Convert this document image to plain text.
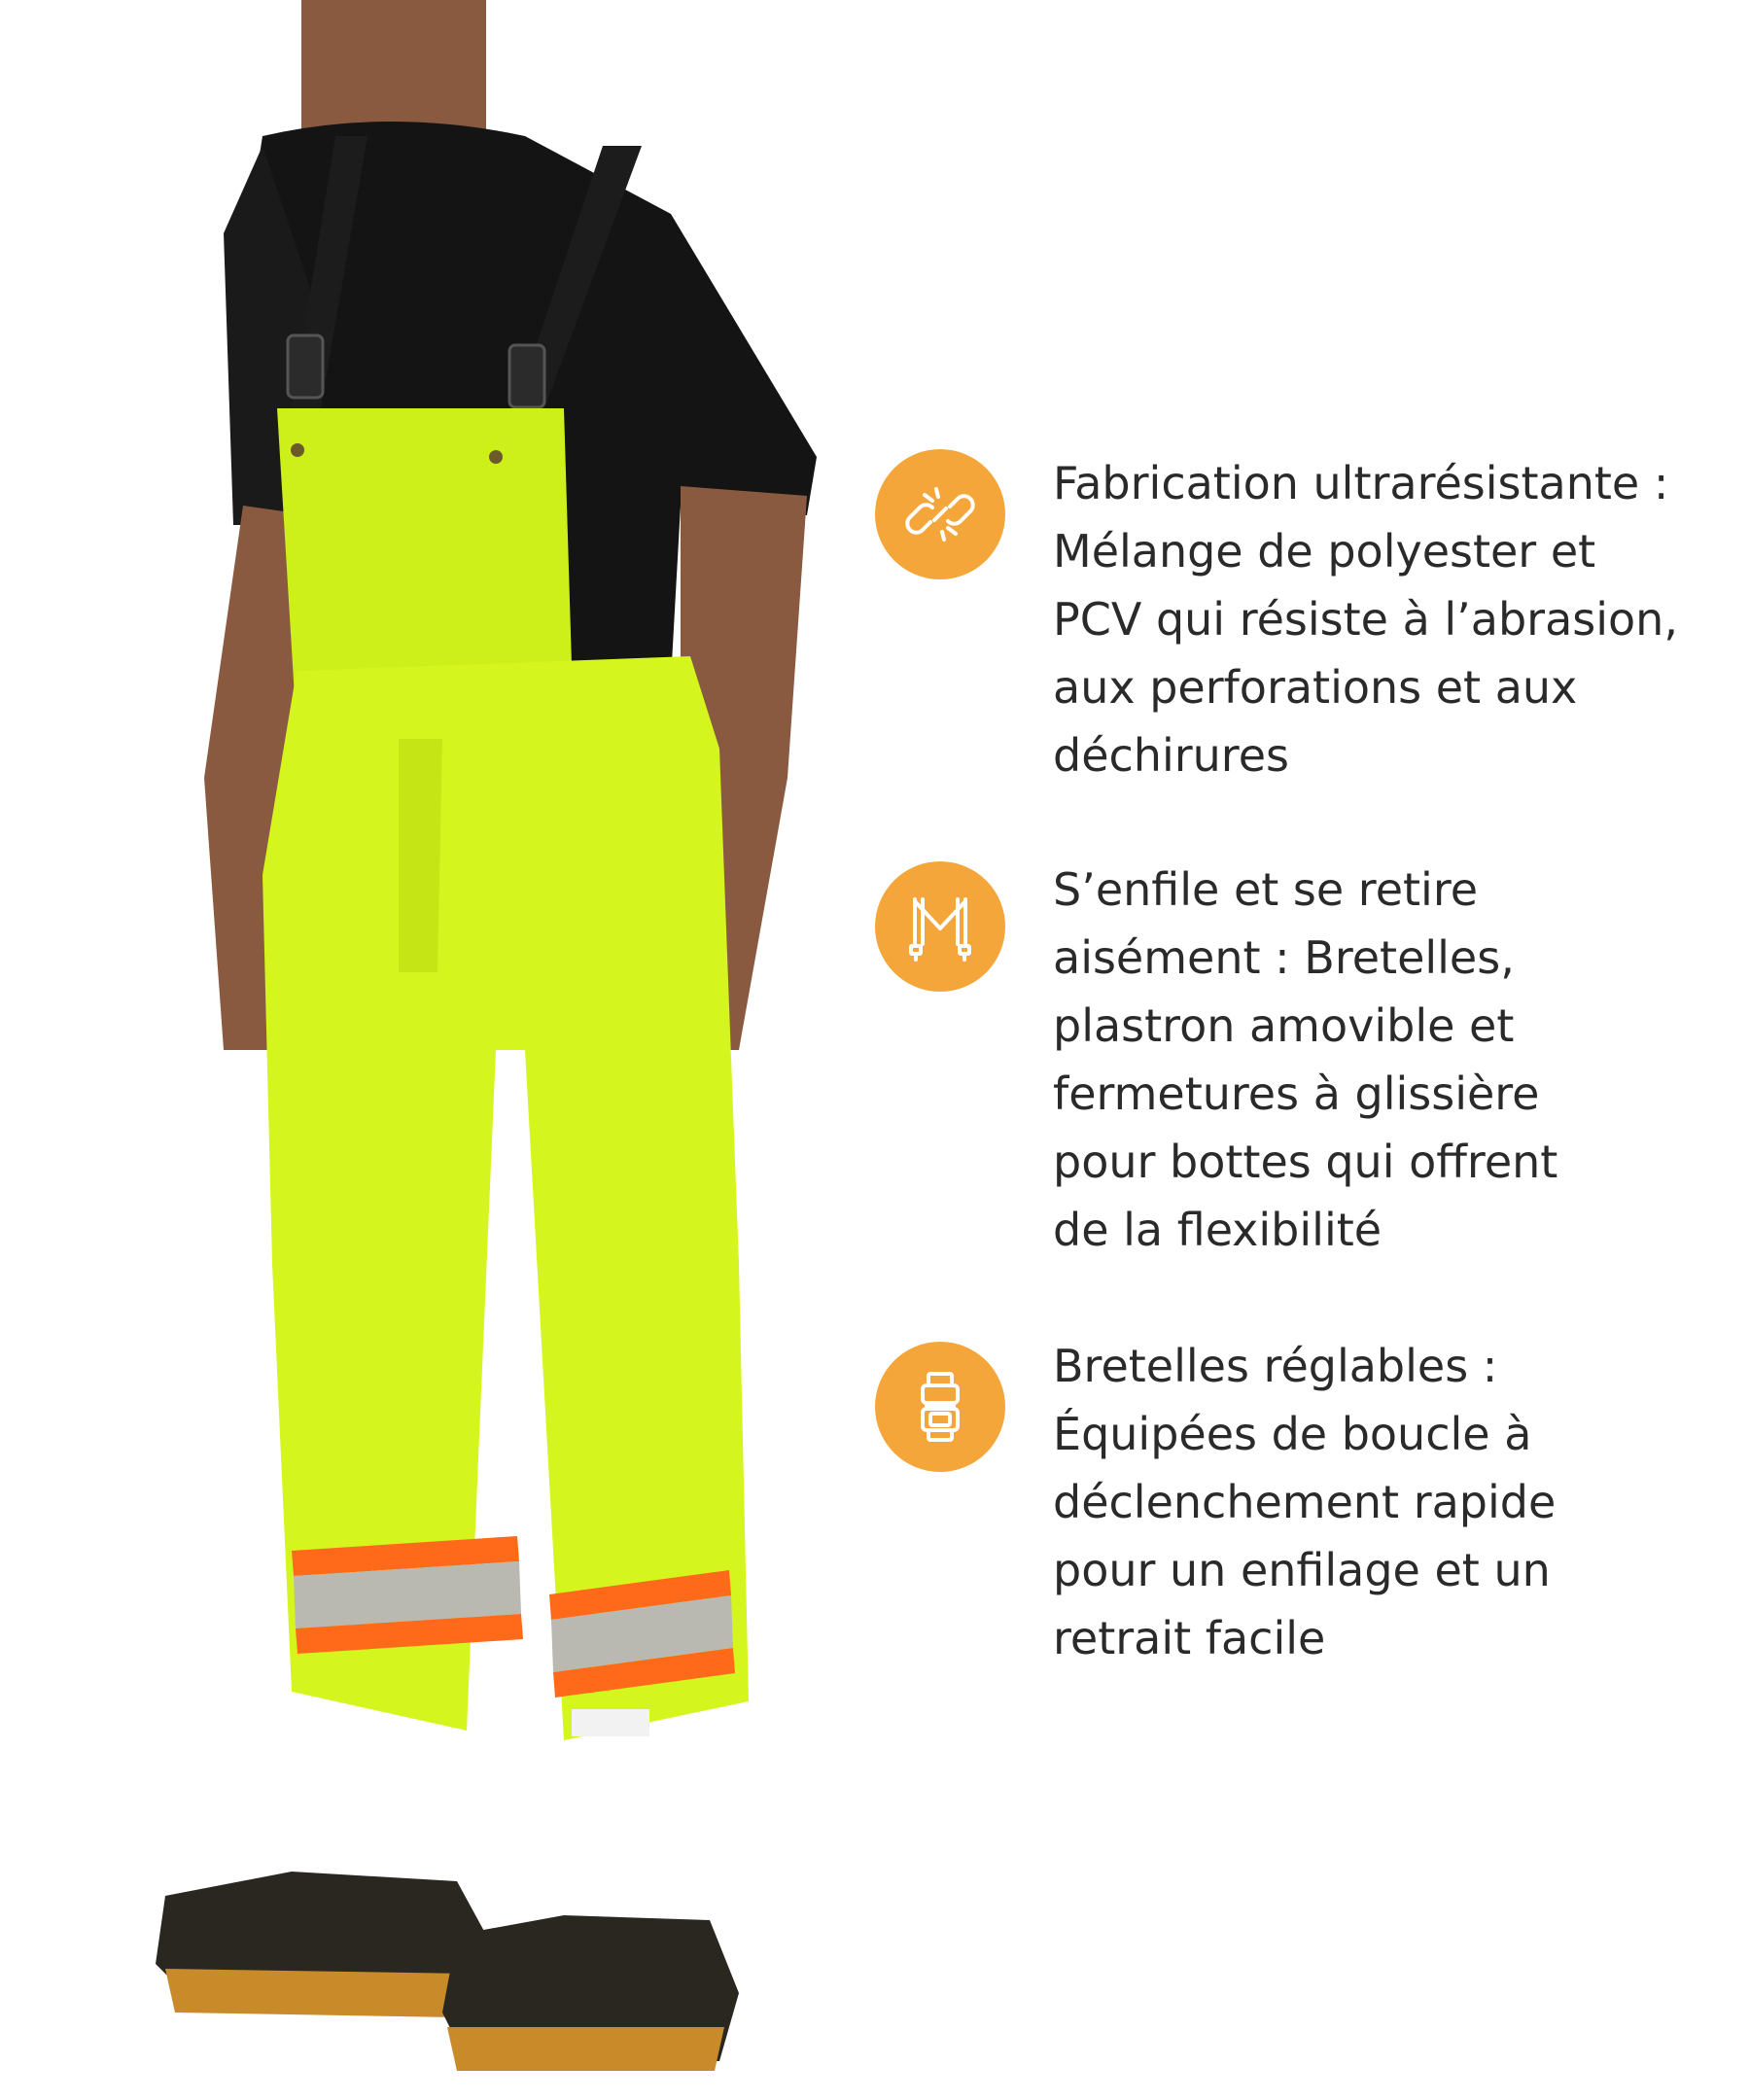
Fabrication ultrarésistante :
Mélange de polyester et
PCV qui résiste à l’abrasion,
aux perforations et aux
déchirures

S’enfile et se retire
aisément : Bretelles,
plastron amovible et
fermetures à glissière
pour bottes qui offrent
de la flexibilité

Bretelles réglables :
Équipées de boucle à
déclenchement rapide
pour un enfilage et un
retrait facile
